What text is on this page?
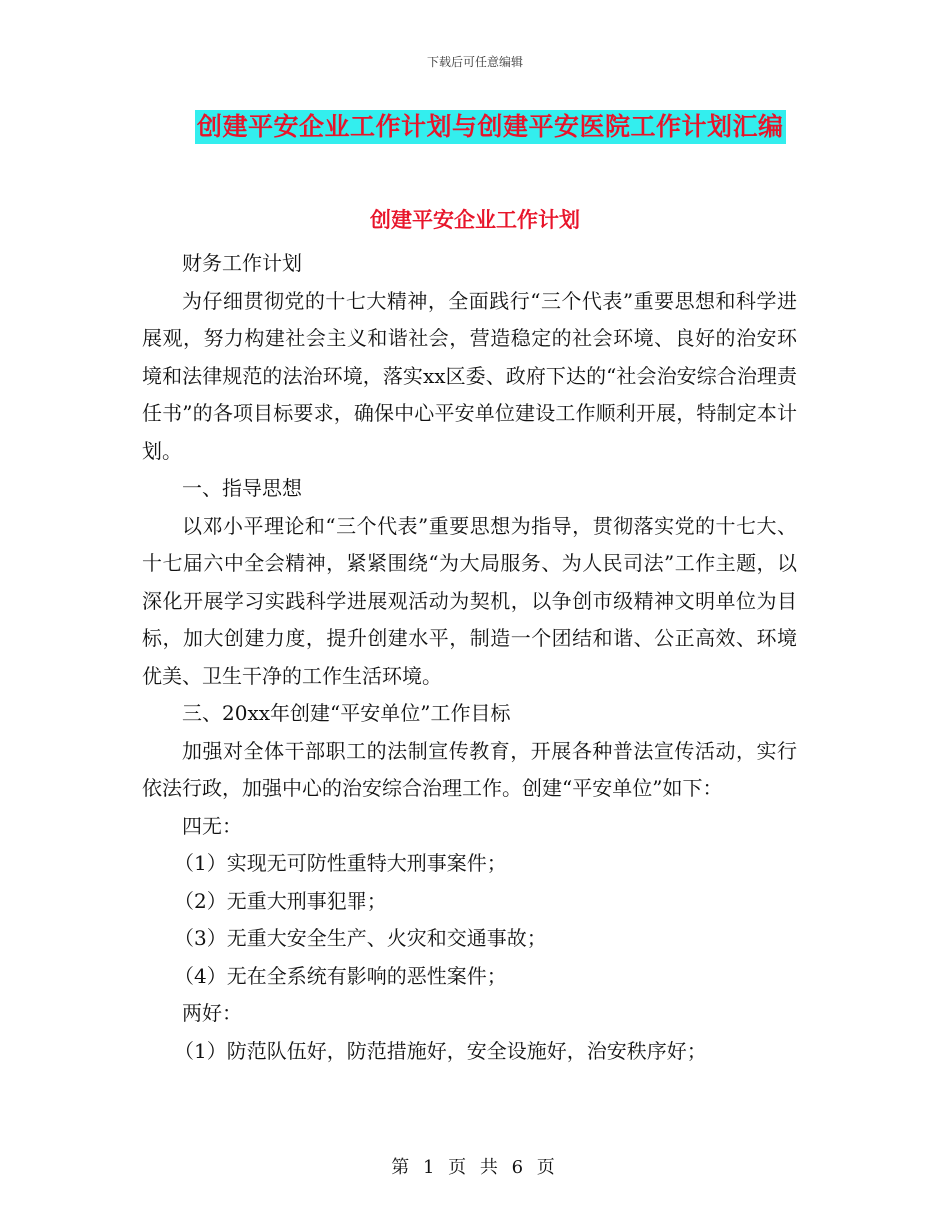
下载后可任意编辑
创建平安企业工作计划与创建平安医院工作计划汇编
创建平安企业工作计划

财务工作计划

为仔细贯彻党的十七大精神，全面践行“三个代表”重要思想和科学进展观，努力构建社会主义和谐社会，营造稳定的社会环境、良好的治安环境和法律规范的法治环境，落实xx区委、政府下达的“社会治安综合治理责任书”的各项目标要求，确保中心平安单位建设工作顺利开展，特制定本计划。

一、指导思想

以邓小平理论和“三个代表”重要思想为指导，贯彻落实党的十七大、十七届六中全会精神，紧紧围绕“为大局服务、为人民司法”工作主题，以深化开展学习实践科学进展观活动为契机，以争创市级精神文明单位为目标，加大创建力度，提升创建水平，制造一个团结和谐、公正高效、环境优美、卫生干净的工作生活环境。

三、20xx年创建“平安单位”工作目标

加强对全体干部职工的法制宣传教育，开展各种普法宣传活动，实行依法行政，加强中心的治安综合治理工作。创建“平安单位”如下：

四无：

（1）实现无可防性重特大刑事案件；

（2）无重大刑事犯罪；

（3）无重大安全生产、火灾和交通事故；

（4）无在全系统有影响的恶性案件；

两好：

（1）防范队伍好，防范措施好，安全设施好，治安秩序好；

第 1 页 共 6 页
